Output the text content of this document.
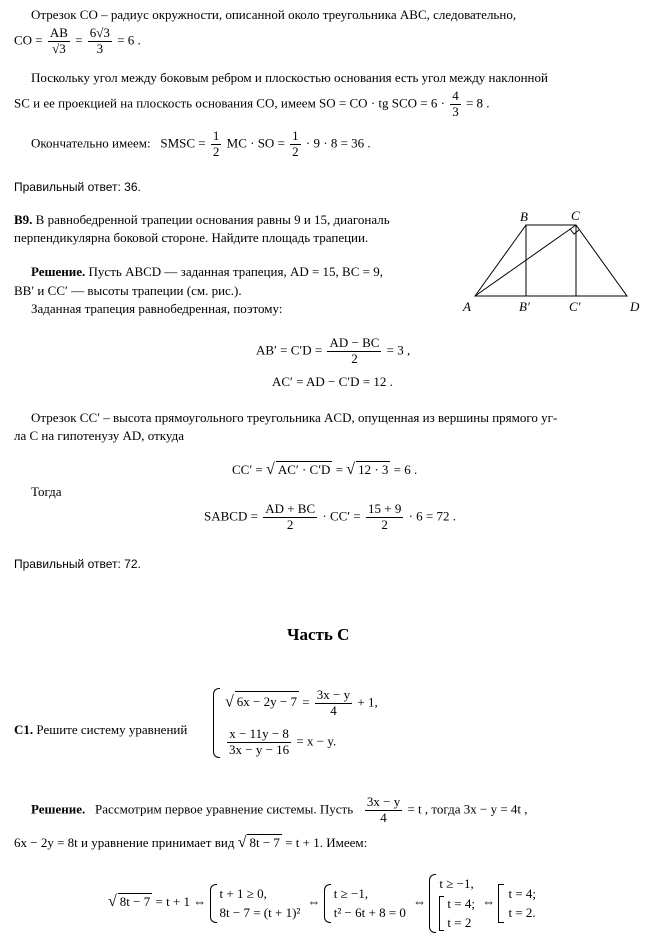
Отрезок CO – радиус окружности, описанной около треугольника ABC, следовательно,
CO = $\frac{AB}{√3} = \frac{6√3}{3} = 6$ .
Поскольку угол между боковым ребром и плоскостью основания есть угол между наклонной
SC и ее проекцией на плоскость основания CO, имеем SO = CO · tg SCO = $6 \cdot \frac{4}{3} = 8$ .
Окончательно имеем: SMSC = $\frac{1}{2}$ MC · SO = $\frac{1}{2} \cdot 9 \cdot 8 = 36$ .
Правильный ответ: 36.
B9. В равнобедренной трапеции основания равны 9 и 15, диагональ
перпендикулярна боковой стороне. Найдите площадь трапеции.
Решение. Пусть ABCD — заданная трапеция, AD = 15, BC = 9,
BB′ и CC′ — высоты трапеции (см. рис.).
Заданная трапеция равнобедренная, поэтому:	A
B	C
D
B′	C′
$AB' = C'D = \frac{AD - BC}{2} = 3$ ,
AC′ = AD − C′D = 12 .
Отрезок CC′ – высота прямоугольного треугольника ACD, опущенная из вершины прямого уг-
ла C на гипотенузу AD, откуда
CC′ = √ AC′ · C′D = √ 12 · 3 = 6 .
Тогда
SABCD = $\frac{AD + BC}{2} \cdot CC' = \frac{15 + 9}{2} \cdot 6 = 72$ .
Правильный ответ: 72.
Часть C
C1. Решите систему уравнений
√ $6x - 2y - 7 = \frac{3x - y}{4} + 1$,
$\frac{x - 11y - 8}{3x - y - 16} = x - y$.
Решение. Рассмотрим первое уравнение системы. Пусть $\frac{3x - y}{4} = t$ , тогда 3x − y = 4t ,
6x − 2y = 8t и уравнение принимает вид √ 8t − 7 = t + 1. Имеем:
√ 8t − 7 = t + 1 ⇔
t + 1 ≥ 0,
8t − 7 = (t + 1)²
⇔
t ≥ −1,
t² − 6t + 8 = 0
⇔
t ≥ −1,
t = 4;
t = 2
⇔
t = 4;
t = 2.
